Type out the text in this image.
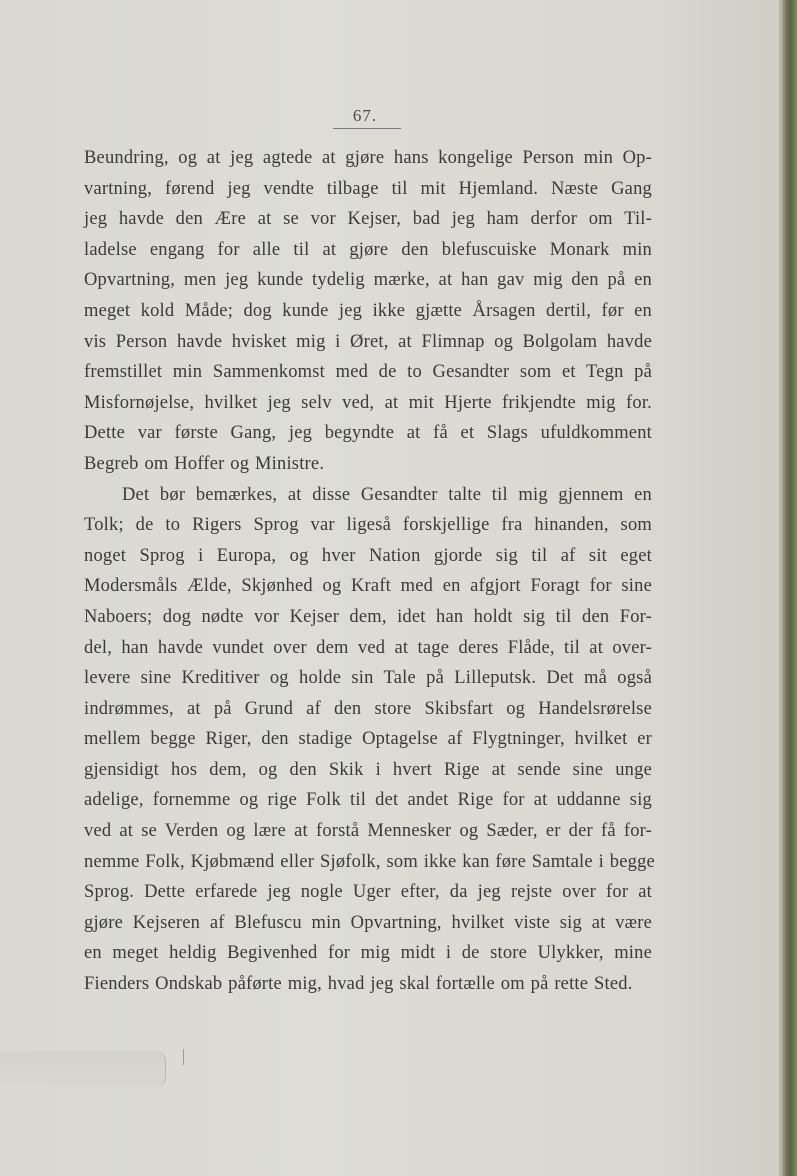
67.
Beundring, og at jeg agtede at gjøre hans kongelige Person min Op-
vartning, førend jeg vendte tilbage til mit Hjemland. Næste Gang
jeg havde den Ære at se vor Kejser, bad jeg ham derfor om Til-
ladelse engang for alle til at gjøre den blefuscuiske Monark min
Opvartning, men jeg kunde tydelig mærke, at han gav mig den på en
meget kold Måde; dog kunde jeg ikke gjætte Årsagen dertil, før en
vis Person havde hvisket mig i Øret, at Flimnap og Bolgolam havde
fremstillet min Sammenkomst med de to Gesandter som et Tegn på
Misfornøjelse, hvilket jeg selv ved, at mit Hjerte frikjendte mig for.
Dette var første Gang, jeg begyndte at få et Slags ufuldkomment
Begreb om Hoffer og Ministre.
Det bør bemærkes, at disse Gesandter talte til mig gjennem en
Tolk; de to Rigers Sprog var ligeså forskjellige fra hinanden, som
noget Sprog i Europa, og hver Nation gjorde sig til af sit eget
Modersmåls Ælde, Skjønhed og Kraft med en afgjort Foragt for sine
Naboers; dog nødte vor Kejser dem, idet han holdt sig til den For-
del, han havde vundet over dem ved at tage deres Flåde, til at over-
levere sine Kreditiver og holde sin Tale på Lilleputsk. Det må også
indrømmes, at på Grund af den store Skibsfart og Handelsrørelse
mellem begge Riger, den stadige Optagelse af Flygtninger, hvilket er
gjensidigt hos dem, og den Skik i hvert Rige at sende sine unge
adelige, fornemme og rige Folk til det andet Rige for at uddanne sig
ved at se Verden og lære at forstå Mennesker og Sæder, er der få for-
nemme Folk, Kjøbmænd eller Sjøfolk, som ikke kan føre Samtale i begge
Sprog. Dette erfarede jeg nogle Uger efter, da jeg rejste over for at
gjøre Kejseren af Blefuscu min Opvartning, hvilket viste sig at være
en meget heldig Begivenhed for mig midt i de store Ulykker, mine
Fienders Ondskab påførte mig, hvad jeg skal fortælle om på rette Sted.
